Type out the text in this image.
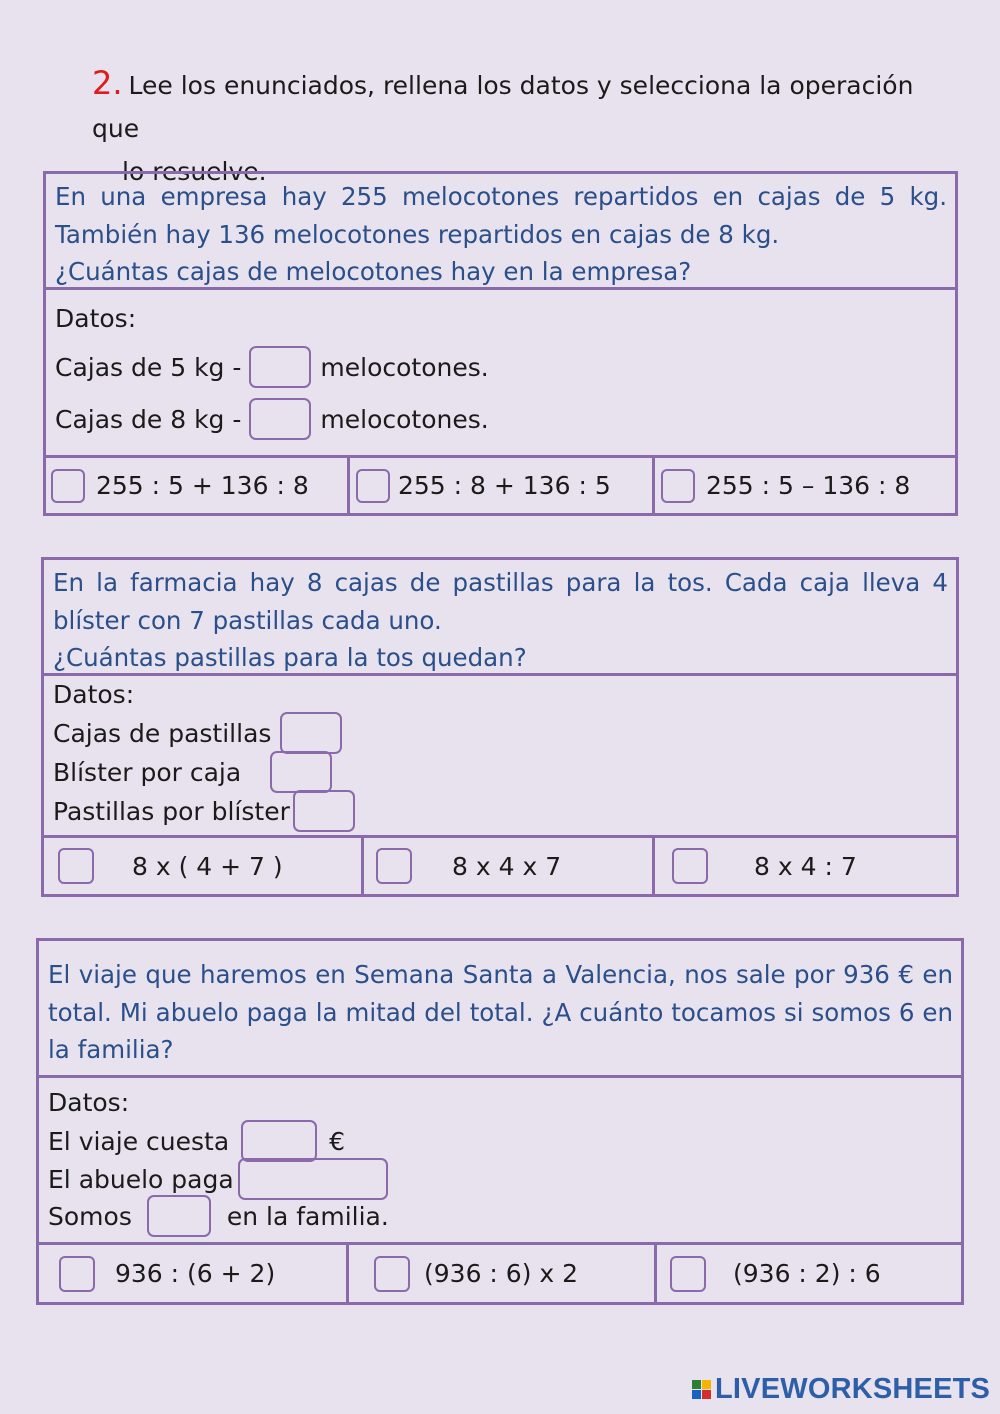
2. Lee los enunciados, rellena los datos y selecciona la operación que
lo resuelve.
En una empresa hay 255 melocotones repartidos en cajas de 5 kg. También hay 136 melocotones repartidos en cajas de 8 kg.
¿Cuántas cajas de melocotones hay en la empresa?
Datos:
Cajas de 5 kg -	melocotones.
Cajas de 8 kg -	melocotones.
255 : 5 + 136 : 8	255 : 8 + 136 : 5	255 : 5 – 136 : 8
En la farmacia hay 8 cajas de pastillas para la tos. Cada caja lleva 4 blíster con 7 pastillas cada uno.
¿Cuántas pastillas para la tos quedan?
Datos:
Cajas de pastillas
Blíster por caja
Pastillas por blíster
8 x ( 4 + 7 )	8 x 4 x 7	8 x 4 : 7
El viaje que haremos en Semana Santa a Valencia, nos sale por 936 € en total. Mi abuelo paga la mitad del total. ¿A cuánto tocamos si somos 6 en la familia?
Datos:
El viaje cuesta	€
El abuelo paga
Somos	en la familia.
936 : (6 + 2)	(936 : 6) x 2	(936 : 2) : 6
LIVEWORKSHEETS
